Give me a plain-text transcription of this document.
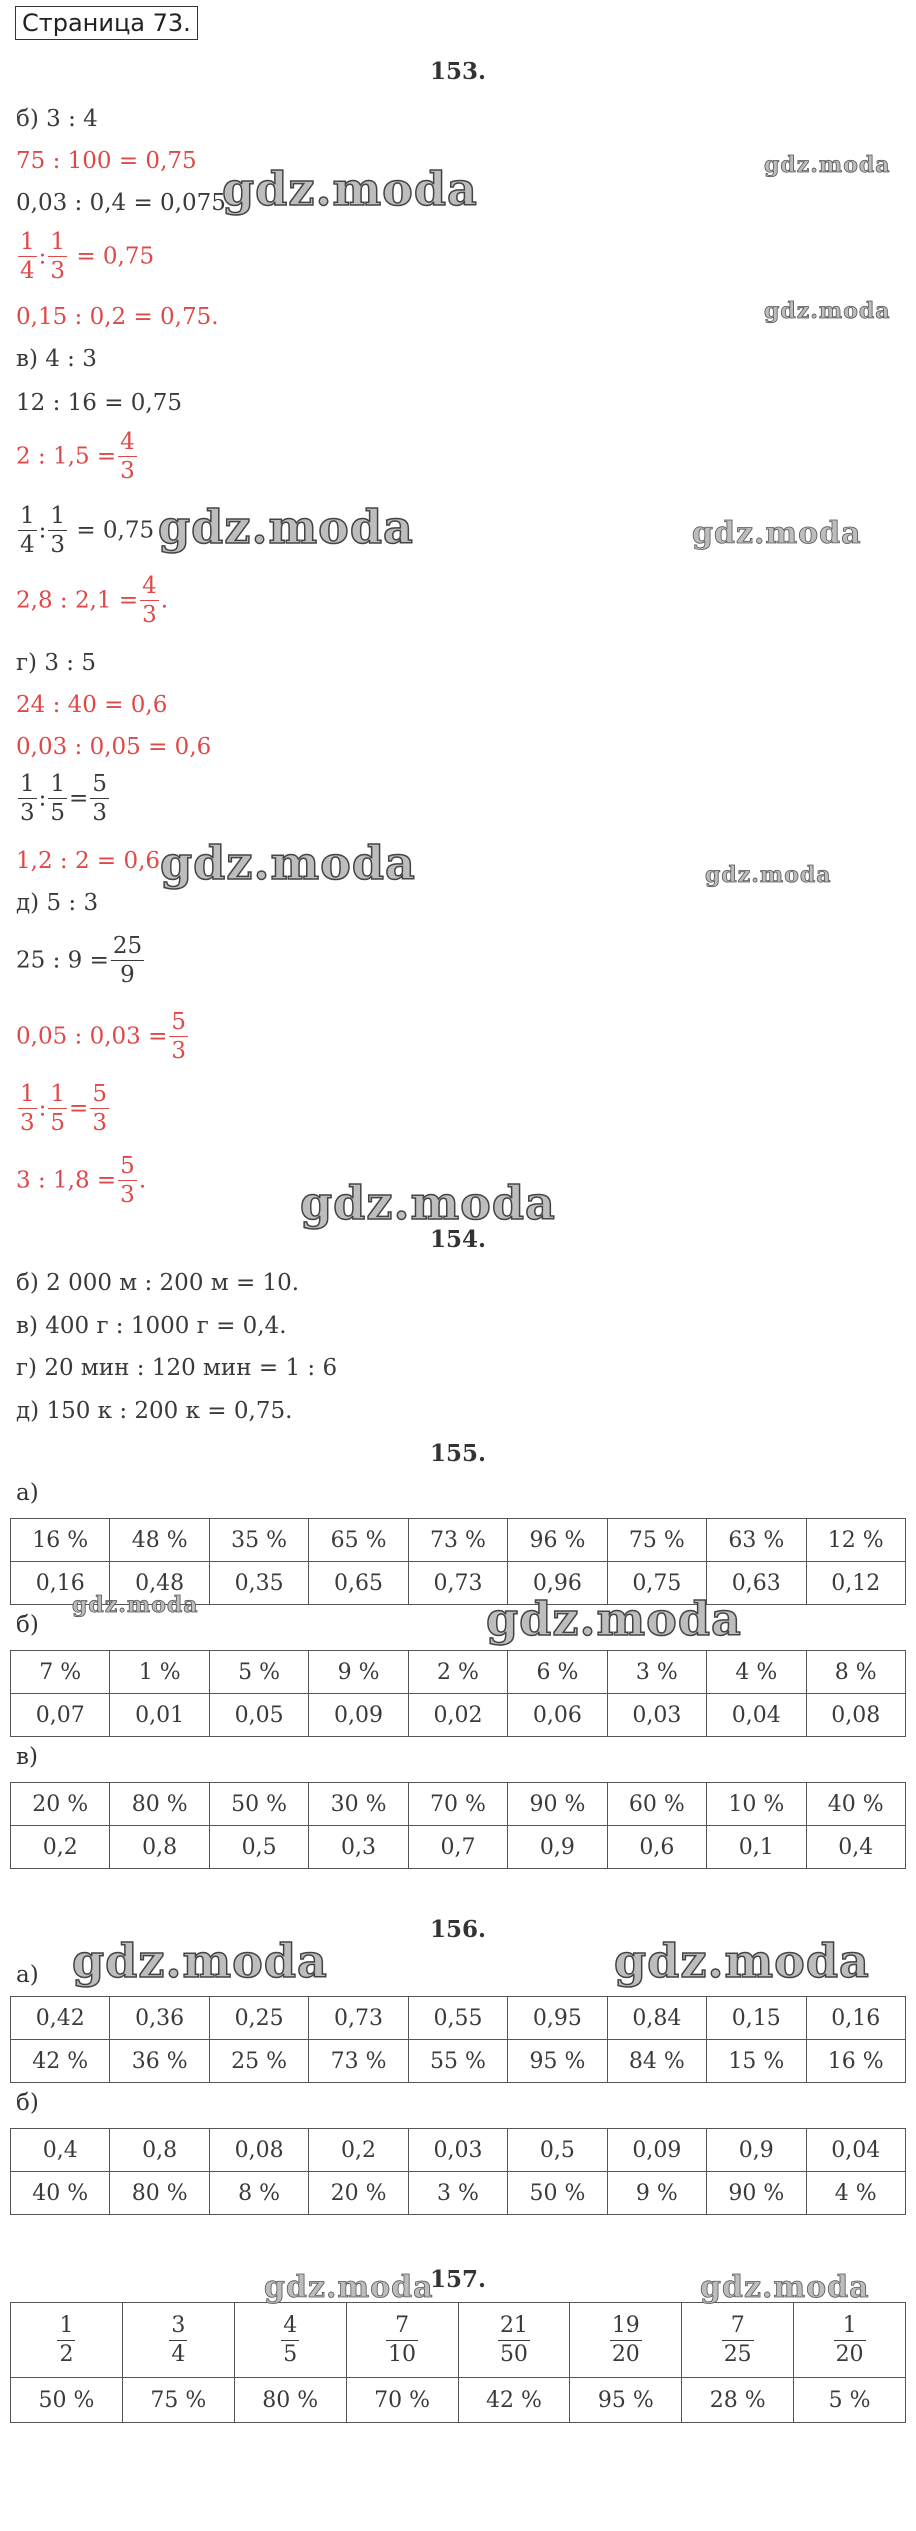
Страница 73.
153.
б) 3 : 4
75 : 100 = 0,75
0,03 : 0,4 = 0,075
$\frac{1}{4}$ : $\frac{1}{3} = 0,75$
0,15 : 0,2 = 0,75.
в) 4 : 3
12 : 16 = 0,75
2 : $1,5 = \frac{4}{3}$
$\frac{1}{4}$ : $\frac{1}{3} = 0,75$
2,8 : $2,1 = \frac{4}{3}$ .
г) 3 : 5
24 : 40 = 0,6
0,03 : 0,05 = 0,6
$\frac{1}{3}$ : $\frac{1}{5} = \frac{5}{3}$
1,2 : 2 = 0,6.
д) 5 : 3
25 : $9 = \frac{25}{9}$
0,05 : $0,03 = \frac{5}{3}$
$\frac{1}{3}$ : $\frac{1}{5} = \frac{5}{3}$
3 : $1,8 = \frac{5}{3}$ .
154.
б) 2 000 м : 200 м = 10.
в) 400 г : 1000 г = 0,4.
г) 20 мин : 120 мин = 1 : 6
д) 150 к : 200 к = 0,75.
155.
а)
16 %	48 %	35 %	65 %	73 %	96 %	75 %	63 %	12 %
0,16	0,48	0,35	0,65	0,73	0,96	0,75	0,63	0,12
б)
7 %	1 %	5 %	9 %	2 %	6 %	3 %	4 %	8 %
0,07	0,01	0,05	0,09	0,02	0,06	0,03	0,04	0,08
в)
20 %	80 %	50 %	30 %	70 %	90 %	60 %	10 %	40 %
0,2	0,8	0,5	0,3	0,7	0,9	0,6	0,1	0,4
156.
а)
0,42	0,36	0,25	0,73	0,55	0,95	0,84	0,15	0,16
42 %	36 %	25 %	73 %	55 %	95 %	84 %	15 %	16 %
б)
0,4	0,8	0,08	0,2	0,03	0,5	0,09	0,9	0,04
40 %	80 %	8 %	20 %	3 %	50 %	9 %	90 %	4 %
157.
$\frac{1}{2}$	$\frac{3}{4}$	$\frac{4}{5}$	$\frac{7}{10}$	$\frac{21}{50}$	$\frac{19}{20}$	$\frac{7}{25}$	$\frac{1}{20}$

50 %	75 %	80 %	70 %	42 %	95 %	28 %	5 %
gdz.moda	gdz.moda
gdz.moda
gdz.moda	gdz.moda
gdz.moda	gdz.moda
gdz.moda
gdz.moda	gdz.moda
gdz.moda	gdz.moda
gdz.moda	gdz.moda
